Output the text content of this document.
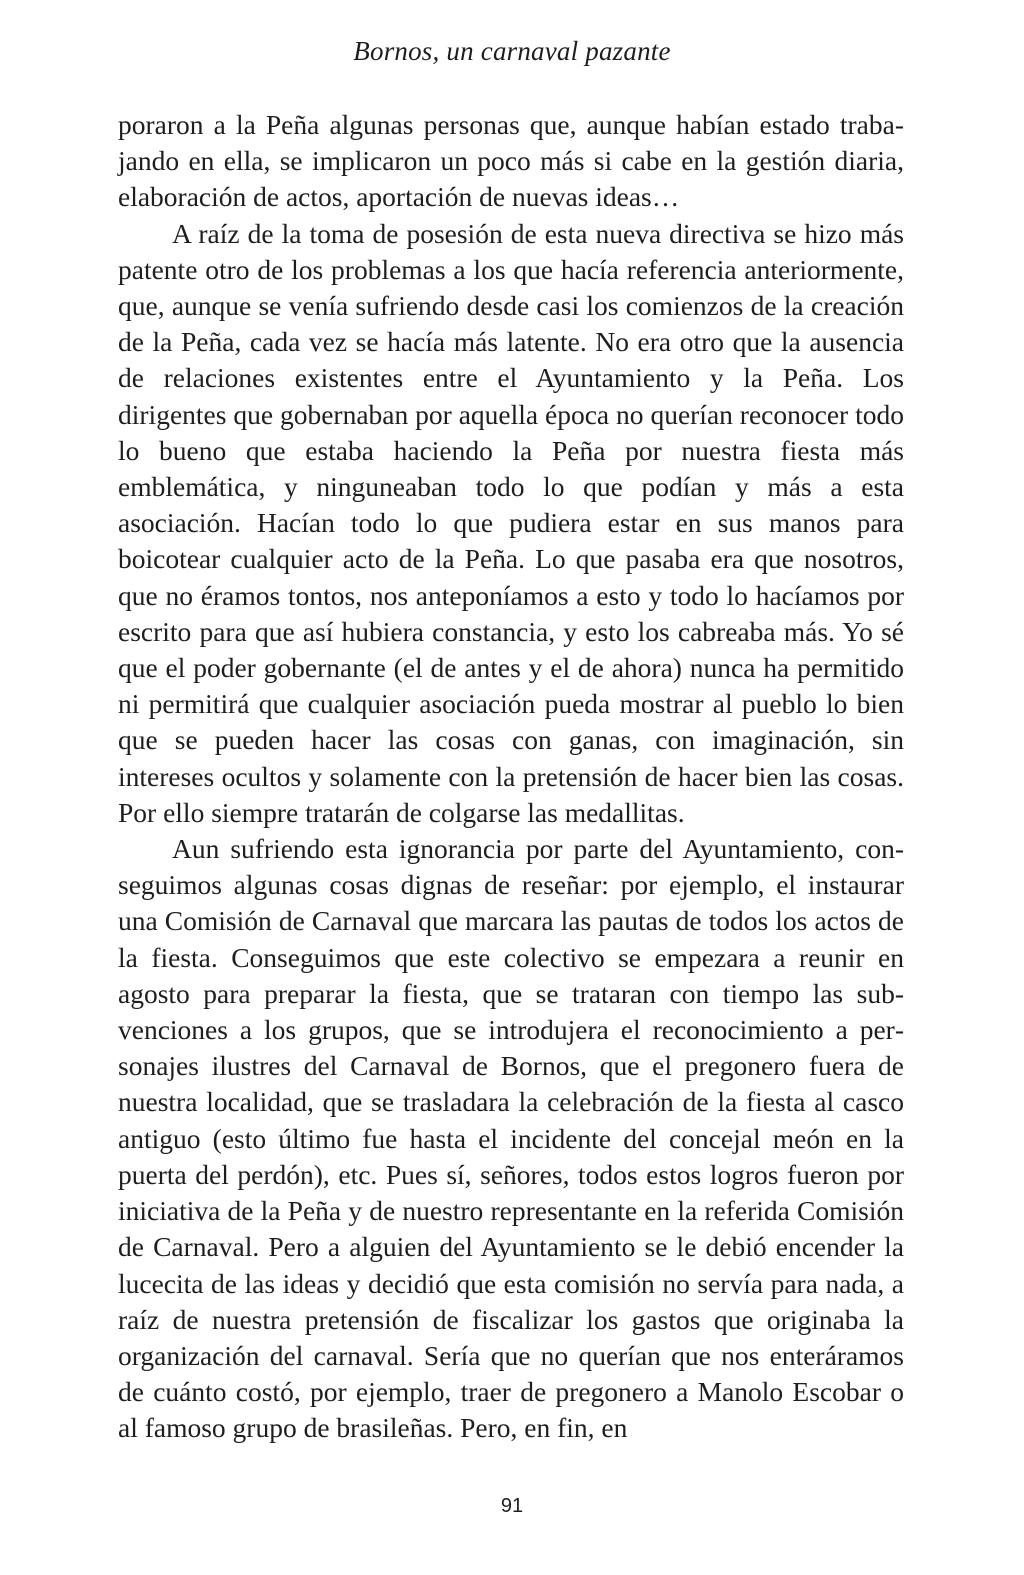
Bornos, un carnaval pazante

poraron a la Peña algunas personas que, aunque habían estado trabajando en ella, se implicaron un poco más si cabe en la gestión diaria, elaboración de actos, aportación de nuevas ideas…

A raíz de la toma de posesión de esta nueva directiva se hizo más patente otro de los problemas a los que hacía referencia anteriormente, que, aunque se venía sufriendo desde casi los comienzos de la creación de la Peña, cada vez se hacía más latente. No era otro que la ausencia de relaciones existentes entre el Ayuntamiento y la Peña. Los dirigentes que gobernaban por aquella época no querían reconocer todo lo bueno que estaba haciendo la Peña por nuestra fiesta más emblemática, y ninguneaban todo lo que podían y más a esta asociación. Hacían todo lo que pudiera estar en sus manos para boicotear cualquier acto de la Peña. Lo que pasaba era que nosotros, que no éramos tontos, nos anteponíamos a esto y todo lo hacíamos por escrito para que así hubiera constancia, y esto los cabreaba más. Yo sé que el poder gobernante (el de antes y el de ahora) nunca ha permitido ni permitirá que cualquier asociación pueda mostrar al pueblo lo bien que se pueden hacer las cosas con ganas, con imaginación, sin intereses ocultos y solamente con la pretensión de hacer bien las cosas. Por ello siempre tratarán de colgarse las medallitas.

Aun sufriendo esta ignorancia por parte del Ayuntamiento, conseguimos algunas cosas dignas de reseñar: por ejemplo, el instaurar una Comisión de Carnaval que marcara las pautas de todos los actos de la fiesta. Conseguimos que este colectivo se empezara a reunir en agosto para preparar la fiesta, que se trataran con tiempo las subvenciones a los grupos, que se introdujera el reconocimiento a personajes ilustres del Carnaval de Bornos, que el pregonero fuera de nuestra localidad, que se trasladara la celebración de la fiesta al casco antiguo (esto último fue hasta el incidente del concejal meón en la puerta del perdón), etc. Pues sí, señores, todos estos logros fueron por iniciativa de la Peña y de nuestro representante en la referida Comisión de Carnaval. Pero a alguien del Ayuntamiento se le debió encender la lucecita de las ideas y decidió que esta comisión no servía para nada, a raíz de nuestra pretensión de fiscalizar los gastos que originaba la organización del carnaval. Sería que no querían que nos enteráramos de cuánto costó, por ejemplo, traer de pregonero a Manolo Escobar o al famoso grupo de brasileñas. Pero, en fin, en

91
